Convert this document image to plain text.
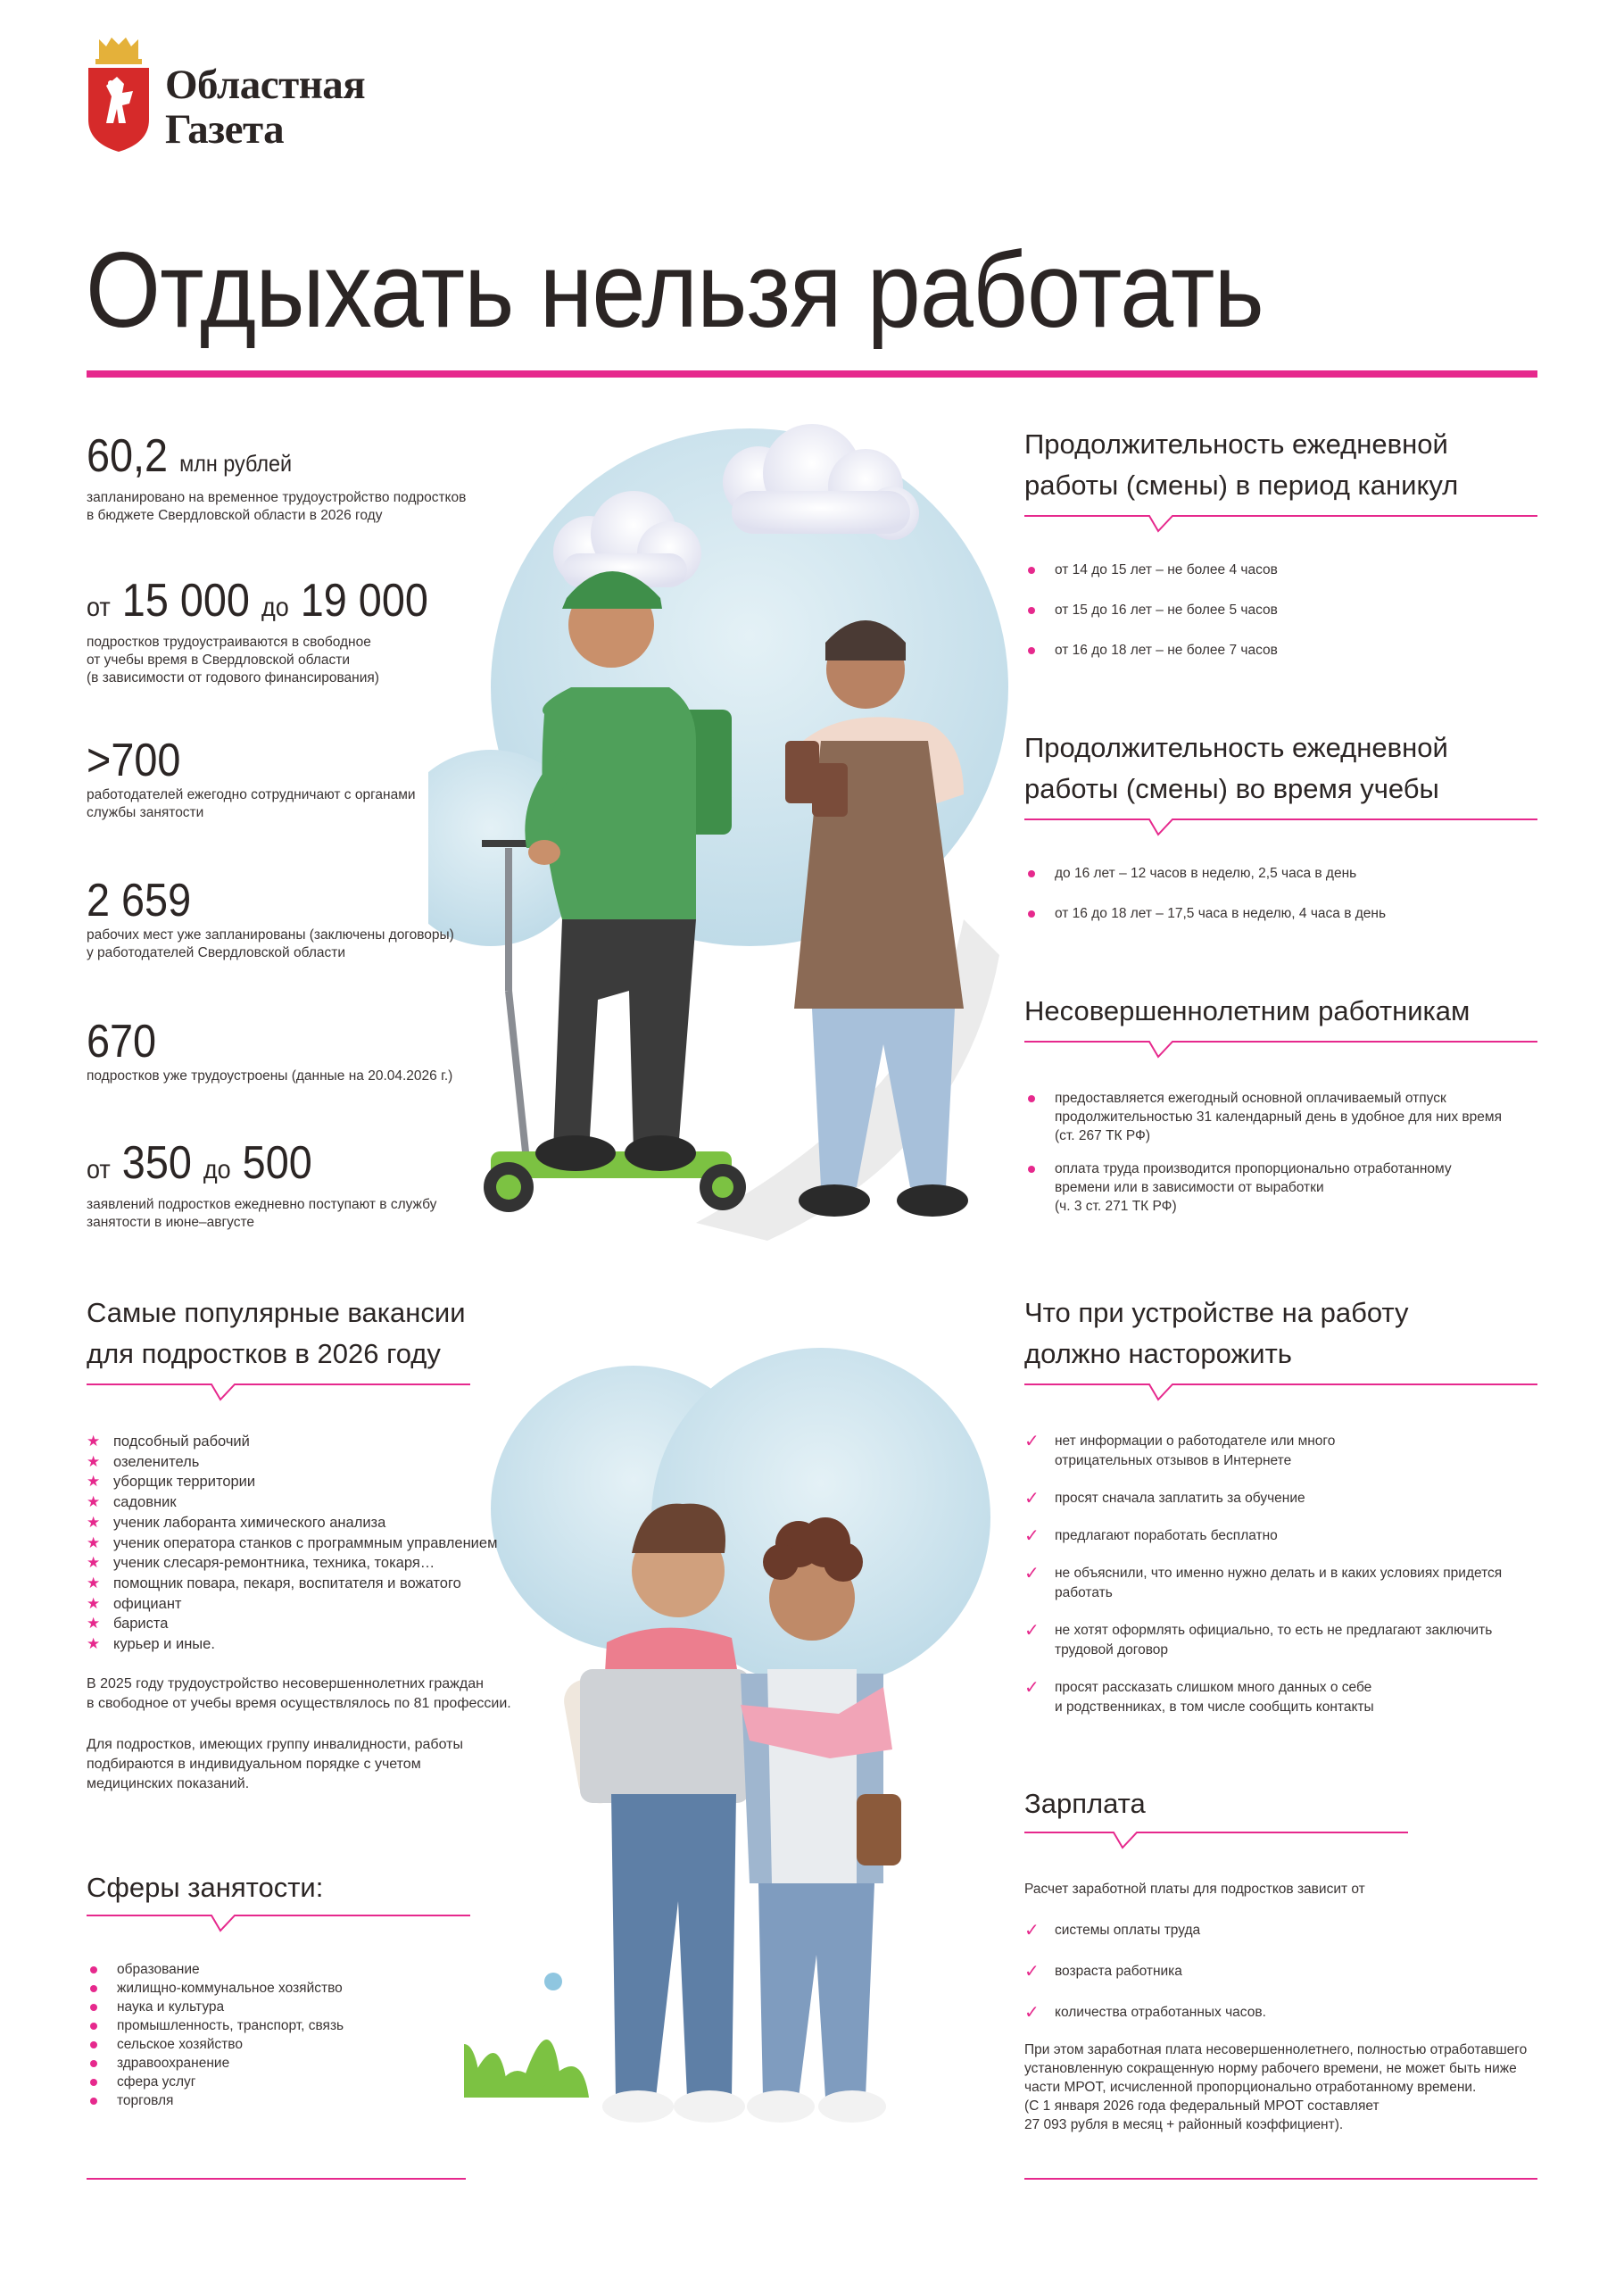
Областная
Газета
Отдыхать нельзя работать
60,2 млн рублей
запланировано на временное трудоустройство подростков
в бюджете Свердловской области в 2026 году
от 15 000 до 19 000
подростков трудоустраиваются в свободное
от учебы время в Свердловской области
(в зависимости от годового финансирования)
>700
работодателей ежегодно сотрудничают с органами
службы занятости
2 659
рабочих мест уже запланированы (заключены договоры)
у работодателей Свердловской области
670
подростков уже трудоустроены (данные на 20.04.2026 г.)
от 350 до 500
заявлений подростков ежедневно поступают в службу
занятости в июне–августе
Продолжительность ежедневной
работы (смены) в период каникул
от 14 до 15 лет – не более 4 часов
от 15 до 16 лет – не более 5 часов
от 16 до 18 лет – не более 7 часов
Продолжительность ежедневной
работы (смены) во время учебы
до 16 лет – 12 часов в неделю, 2,5 часа в день
от 16 до 18 лет – 17,5 часа в неделю, 4 часа в день
Несовершеннолетним работникам
предоставляется ежегодный основной оплачиваемый отпуск
продолжительностью 31 календарный день в удобное для них время
(ст. 267 ТК РФ)
оплата труда производится пропорционально отработанному
времени или в зависимости от выработки
(ч. 3 ст. 271 ТК РФ)
Самые популярные вакансии
для подростков в 2026 году
★ подсобный рабочий
★ озеленитель
★ уборщик территории
★ садовник
★ ученик лаборанта химического анализа
★ ученик оператора станков с программным управлением
★ ученик слесаря-ремонтника, техника, токаря…
★ помощник повара, пекаря, воспитателя и вожатого
★ официант
★ бариста
★ курьер и иные.
В 2025 году трудоустройство несовершеннолетних граждан
в свободное от учебы время осуществлялось по 81 профессии.
Для подростков, имеющих группу инвалидности, работы
подбираются в индивидуальном порядке с учетом
медицинских показаний.
Сферы занятости:
образование
жилищно-коммунальное хозяйство
наука и культура
промышленность, транспорт, связь
сельское хозяйство
здравоохранение
сфера услуг
торговля
Что при устройстве на работу
должно насторожить
✓ нет информации о работодателе или много
отрицательных отзывов в Интернете
✓ просят сначала заплатить за обучение
✓ предлагают поработать бесплатно
✓ не объяснили, что именно нужно делать и в каких условиях придется работать
✓ не хотят оформлять официально, то есть не предлагают заключить
трудовой договор
✓ просят рассказать слишком много данных о себе
и родственниках, в том числе сообщить контакты
Зарплата
Расчет заработной платы для подростков зависит от
✓ системы оплаты труда
✓ возраста работника
✓ количества отработанных часов.
При этом заработная плата несовершеннолетнего, полностью отработавшего
установленную сокращенную норму рабочего времени, не может быть ниже
части МРОТ, исчисленной пропорционально отработанному времени.
(С 1 января 2026 года федеральный МРОТ составляет
27 093 рубля в месяц + районный коэффициент).
